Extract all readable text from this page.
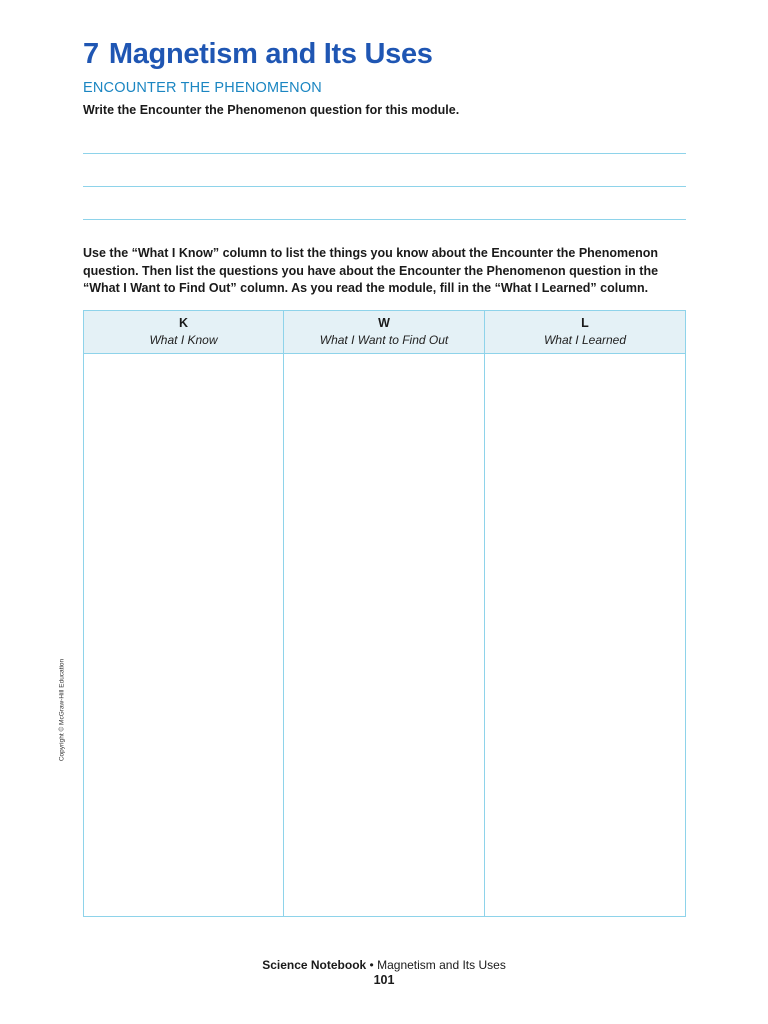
7 Magnetism and Its Uses
ENCOUNTER THE PHENOMENON
Write the Encounter the Phenomenon question for this module.

Use the “What I Know” column to list the things you know about the Encounter the Phenomenon question. Then list the questions you have about the Encounter the Phenomenon question in the “What I Want to Find Out” column. As you read the module, fill in the “What I Learned” column.

K
What I Know
W
What I Want to Find Out
L
What I Learned
Copyright © McGraw-Hill Education
Science Notebook • Magnetism and Its Uses
101
